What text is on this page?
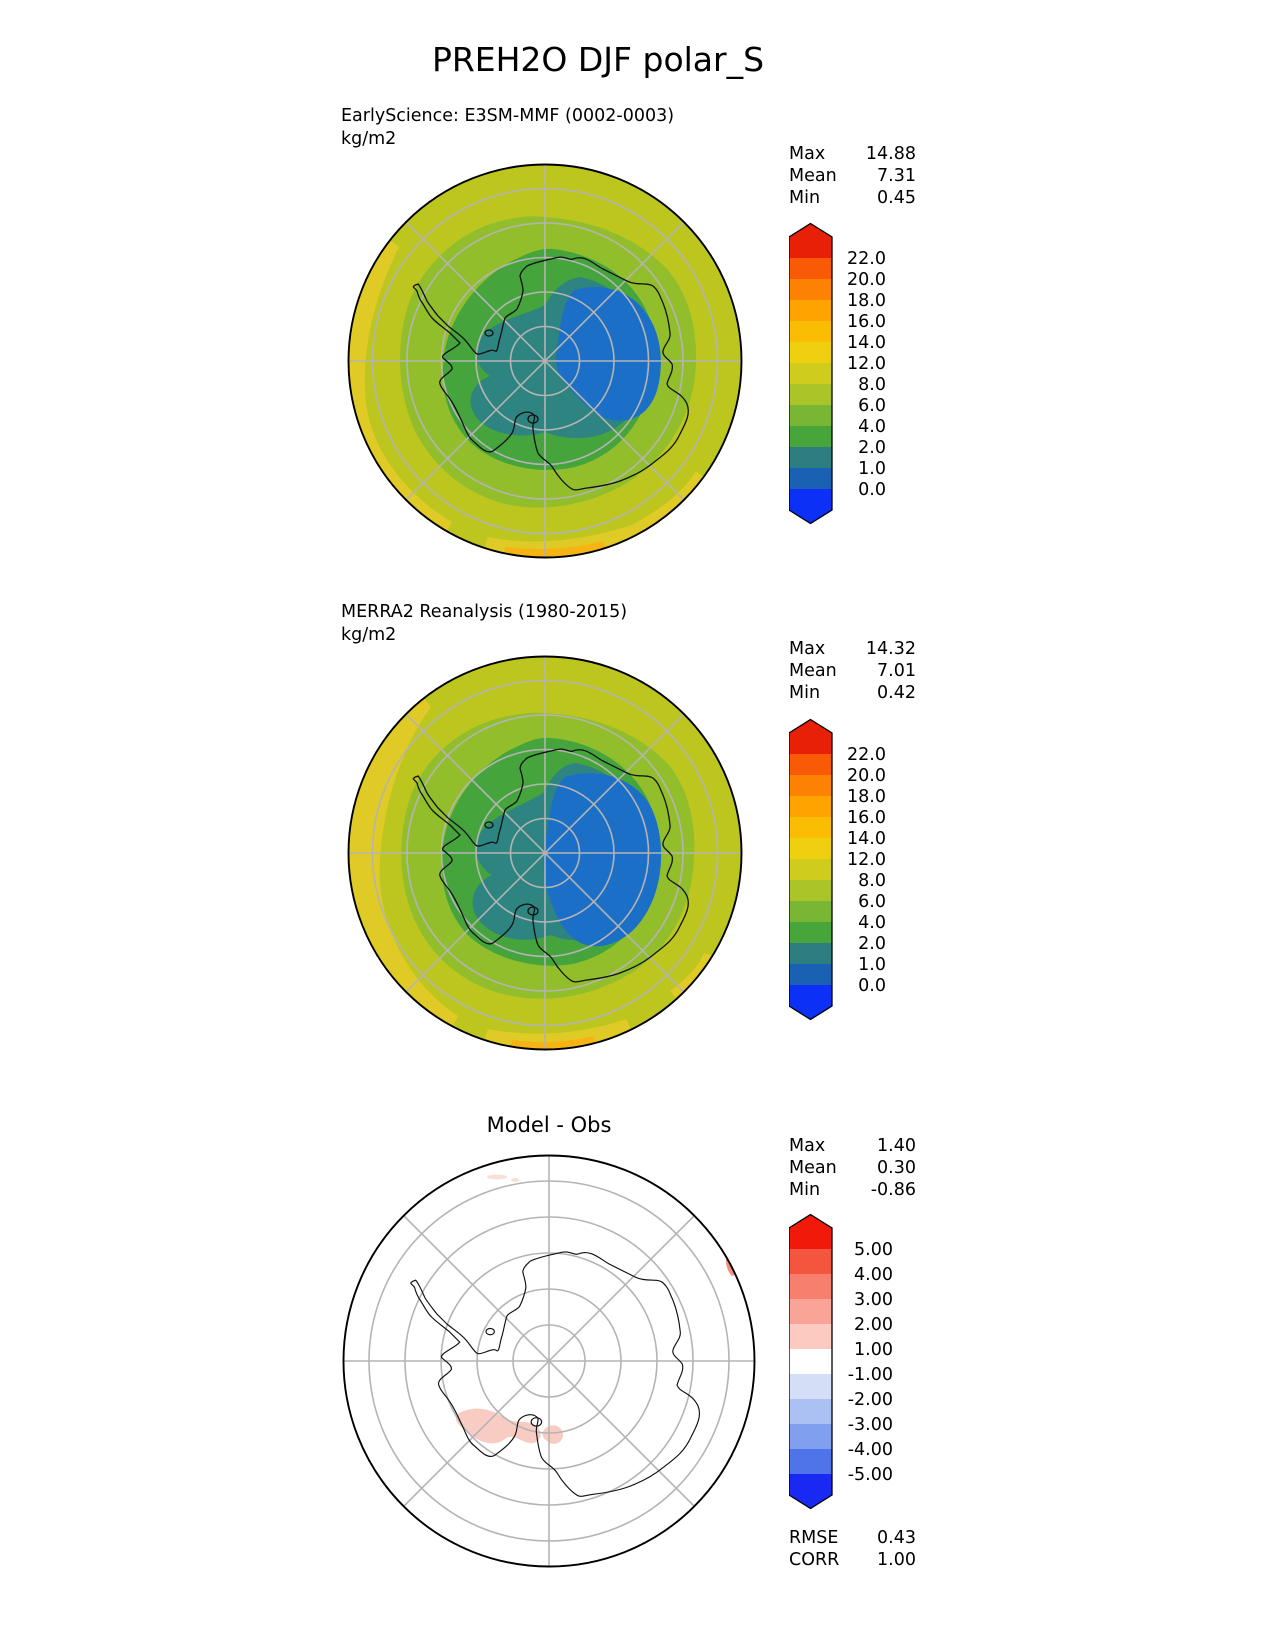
PREH2O DJF polar_S
EarlyScience: E3SM-MMF (0002-0003)
kg/m2
Max 14.88
Mean 7.31
Min	0.45
22.0
20.0
18.0
16.0
14.0
12.0
8.0
6.0
4.0
2.0
1.0
0.0
MERRA2 Reanalysis (1980-2015)
kg/m2
Max 14.32
Mean 7.01
Min	0.42
22.0
20.0
18.0
16.0
14.0
12.0
8.0
6.0
4.0
2.0
1.0
0.0
Model - Obs
Max	1.40
Mean 0.30
Min	-0.86
5.00
4.00
3.00
2.00
1.00
-1.00
-2.00
-3.00
-4.00
-5.00
RMSE 0.43
CORR 1.00
